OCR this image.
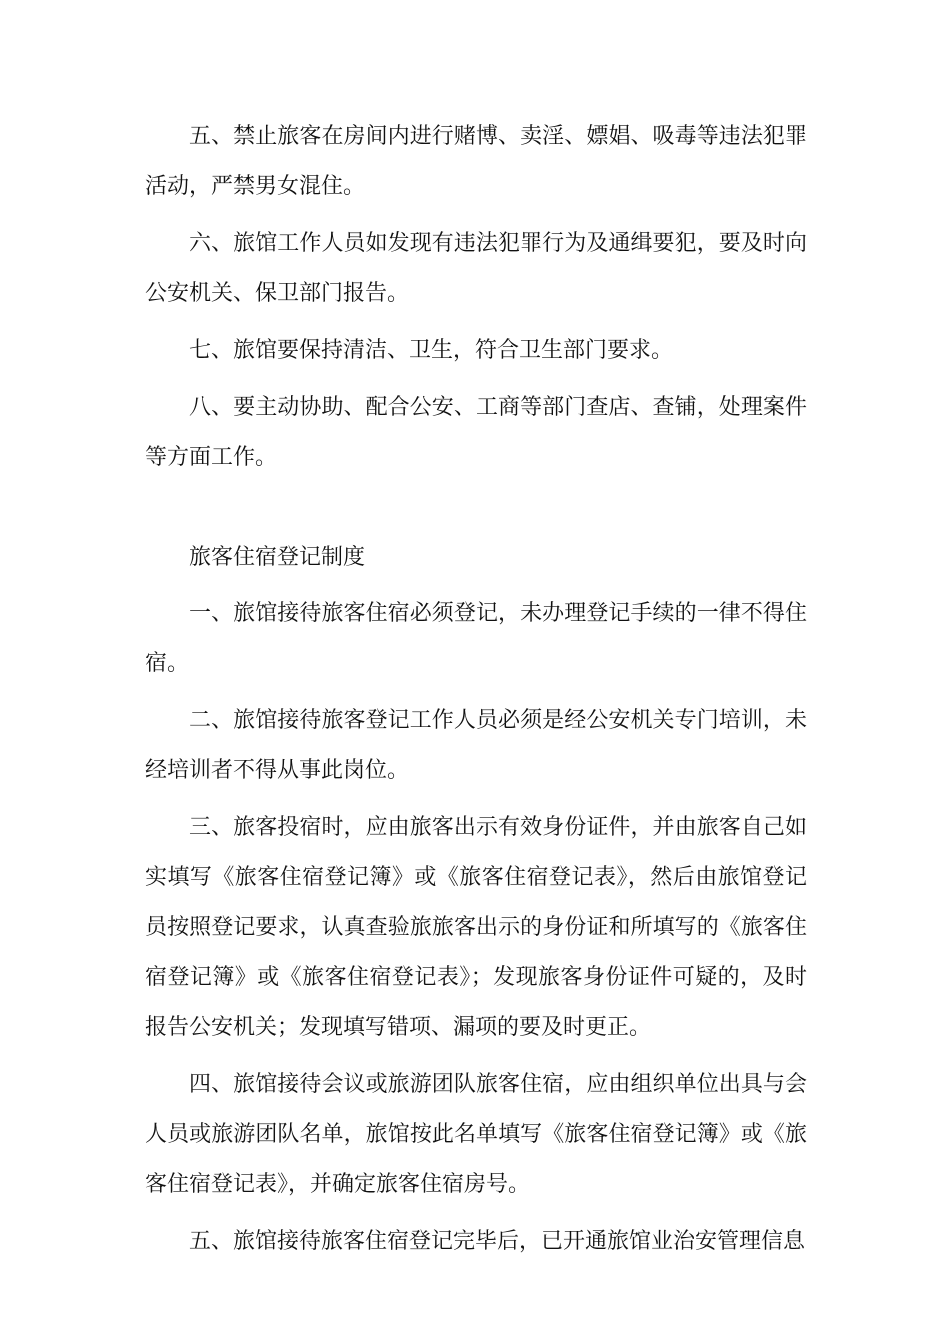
五、禁止旅客在房间内进行赌博、卖淫、嫖娼、吸毒等违法犯罪活动，严禁男女混住。

六、旅馆工作人员如发现有违法犯罪行为及通缉要犯，要及时向公安机关、保卫部门报告。

七、旅馆要保持清洁、卫生，符合卫生部门要求。

八、要主动协助、配合公安、工商等部门查店、查铺，处理案件等方面工作。

旅客住宿登记制度

一、旅馆接待旅客住宿必须登记，未办理登记手续的一律不得住宿。

二、旅馆接待旅客登记工作人员必须是经公安机关专门培训，未经培训者不得从事此岗位。

三、旅客投宿时，应由旅客出示有效身份证件，并由旅客自己如实填写《旅客住宿登记簿》或《旅客住宿登记表》，然后由旅馆登记员按照登记要求，认真查验旅旅客出示的身份证和所填写的《旅客住宿登记簿》或《旅客住宿登记表》；发现旅客身份证件可疑的，及时报告公安机关；发现填写错项、漏项的要及时更正。

四、旅馆接待会议或旅游团队旅客住宿，应由组织单位出具与会人员或旅游团队名单，旅馆按此名单填写《旅客住宿登记簿》或《旅客住宿登记表》，并确定旅客住宿房号。

五、旅馆接待旅客住宿登记完毕后，已开通旅馆业治安管理信息
